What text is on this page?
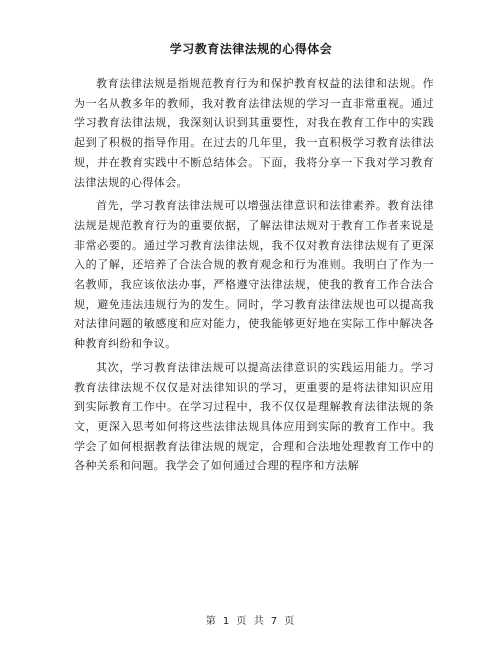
学习教育法律法规的心得体会

教育法律法规是指规范教育行为和保护教育权益的法律和法规。作为一名从教多年的教师，我对教育法律法规的学习一直非常重视。通过学习教育法律法规，我深刻认识到其重要性，对我在教育工作中的实践起到了积极的指导作用。在过去的几年里，我一直积极学习教育法律法规，并在教育实践中不断总结体会。下面，我将分享一下我对学习教育法律法规的心得体会。

首先，学习教育法律法规可以增强法律意识和法律素养。教育法律法规是规范教育行为的重要依据，了解法律法规对于教育工作者来说是非常必要的。通过学习教育法律法规，我不仅对教育法律法规有了更深入的了解，还培养了合法合规的教育观念和行为准则。我明白了作为一名教师，我应该依法办事，严格遵守法律法规，使我的教育工作合法合规，避免违法违规行为的发生。同时，学习教育法律法规也可以提高我对法律问题的敏感度和应对能力，使我能够更好地在实际工作中解决各种教育纠纷和争议。

其次，学习教育法律法规可以提高法律意识的实践运用能力。学习教育法律法规不仅仅是对法律知识的学习，更重要的是将法律知识应用到实际教育工作中。在学习过程中，我不仅仅是理解教育法律法规的条文，更深入思考如何将这些法律法规具体应用到实际的教育工作中。我学会了如何根据教育法律法规的规定，合理和合法地处理教育工作中的各种关系和问题。我学会了如何通过合理的程序和方法解

第 1 页 共 7 页
